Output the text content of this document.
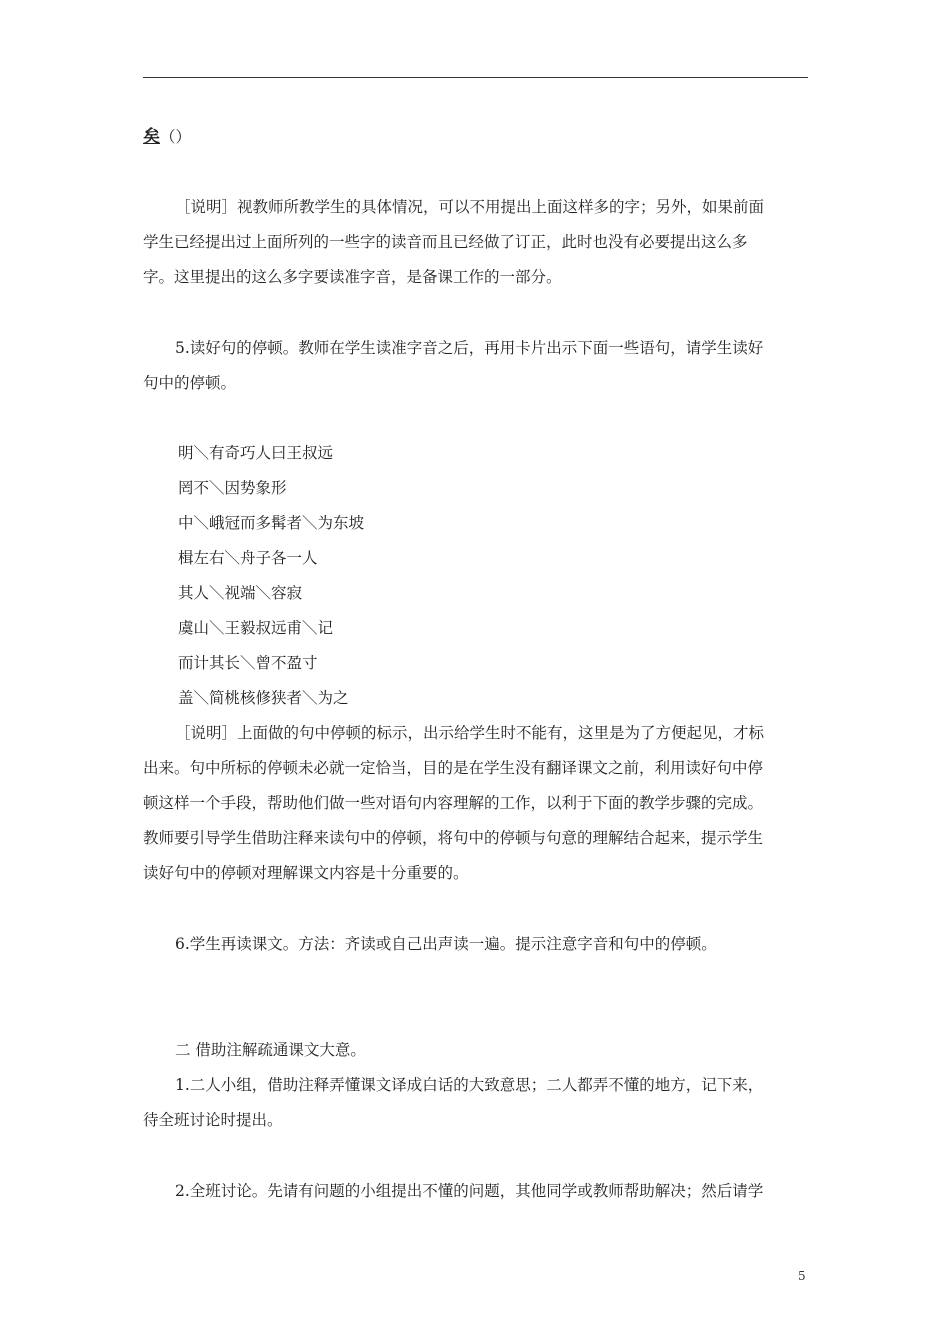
矣（）
［说明］视教师所教学生的具体情况，可以不用提出上面这样多的字；另外，如果前面
学生已经提出过上面所列的一些字的读音而且已经做了订正，此时也没有必要提出这么多
字。这里提出的这么多字要读准字音，是备课工作的一部分。
5.读好句的停顿。教师在学生读准字音之后，再用卡片出示下面一些语句，请学生读好
句中的停顿。
明＼有奇巧人曰王叔远
罔不＼因势象形
中＼峨冠而多髯者＼为东坡
楫左右＼舟子各一人
其人＼视端＼容寂
虞山＼王毅叔远甫＼记
而计其长＼曾不盈寸
盖＼简桃核修狭者＼为之
［说明］上面做的句中停顿的标示，出示给学生时不能有，这里是为了方便起见，才标
出来。句中所标的停顿未必就一定恰当，目的是在学生没有翻译课文之前，利用读好句中停
顿这样一个手段，帮助他们做一些对语句内容理解的工作，以利于下面的教学步骤的完成。
教师要引导学生借助注释来读句中的停顿，将句中的停顿与句意的理解结合起来，提示学生
读好句中的停顿对理解课文内容是十分重要的。
6.学生再读课文。方法：齐读或自己出声读一遍。提示注意字音和句中的停顿。
二 借助注解疏通课文大意。
1.二人小组，借助注释弄懂课文译成白话的大致意思；二人都弄不懂的地方，记下来，
待全班讨论时提出。
2.全班讨论。先请有问题的小组提出不懂的问题，其他同学或教师帮助解决；然后请学
5
